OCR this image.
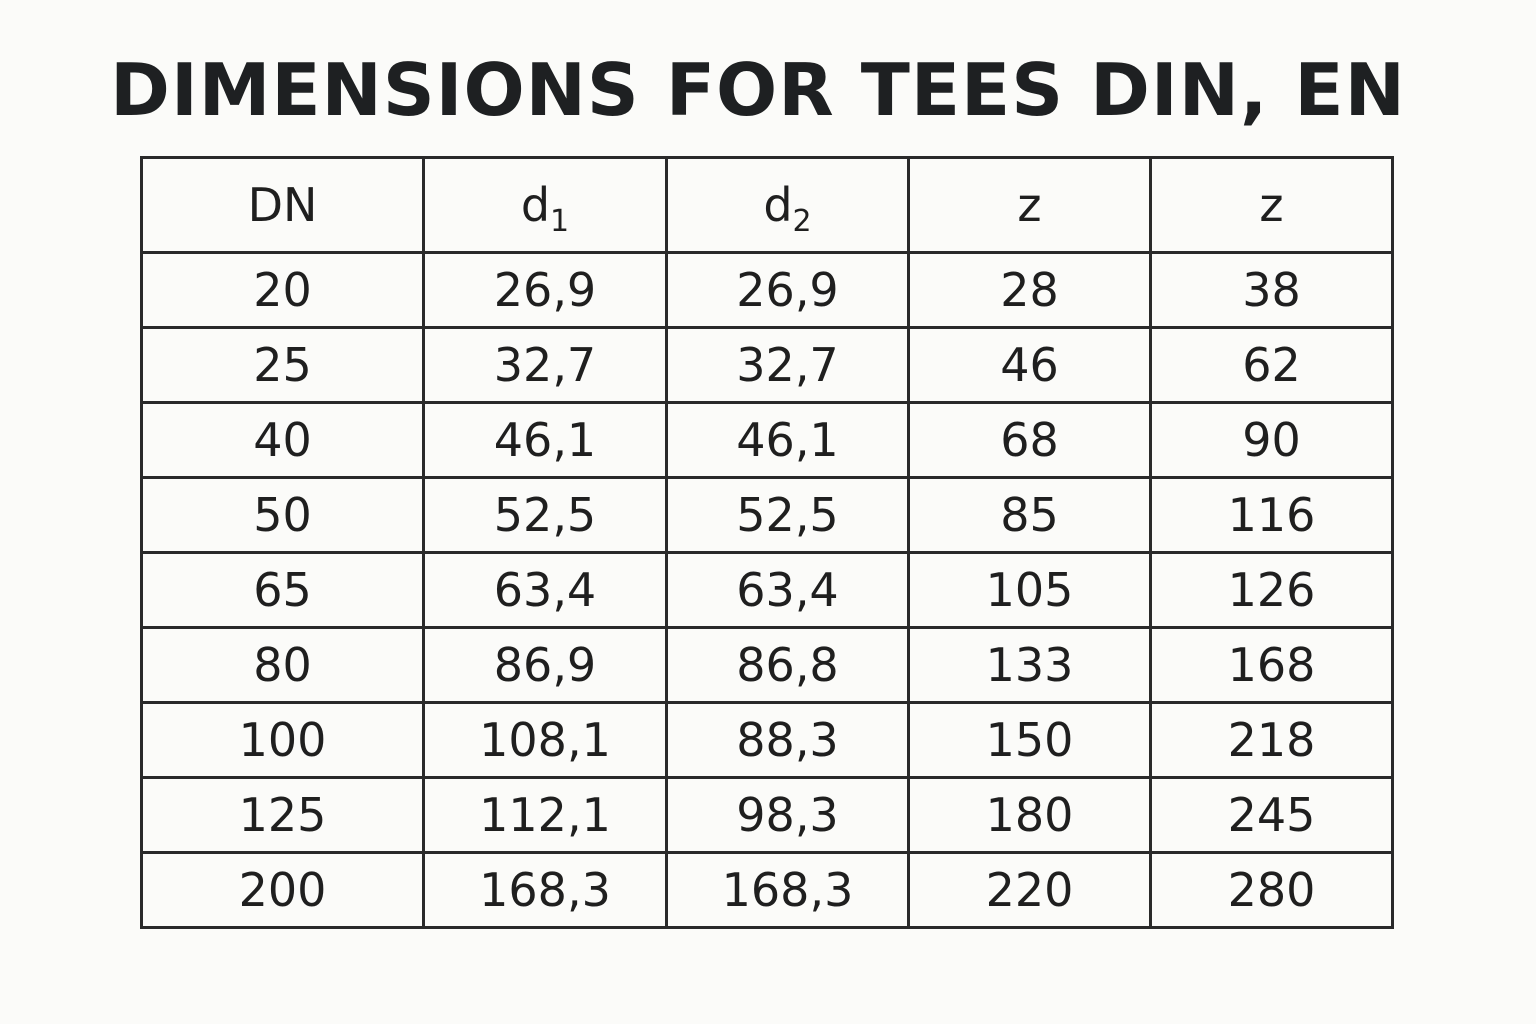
DIMENSIONS FOR TEES DIN, EN
DN	$d_1$	$d_2$	z	z
20	26,9	26,9	28	38
25	32,7	32,7	46	62
40	46,1	46,1	68	90
50	52,5	52,5	85	116
65	63,4	63,4	105	126
80	86,9	86,8	133	168
100	108,1	88,3	150	218
125	112,1	98,3	180	245
200	168,3	168,3	220	280
